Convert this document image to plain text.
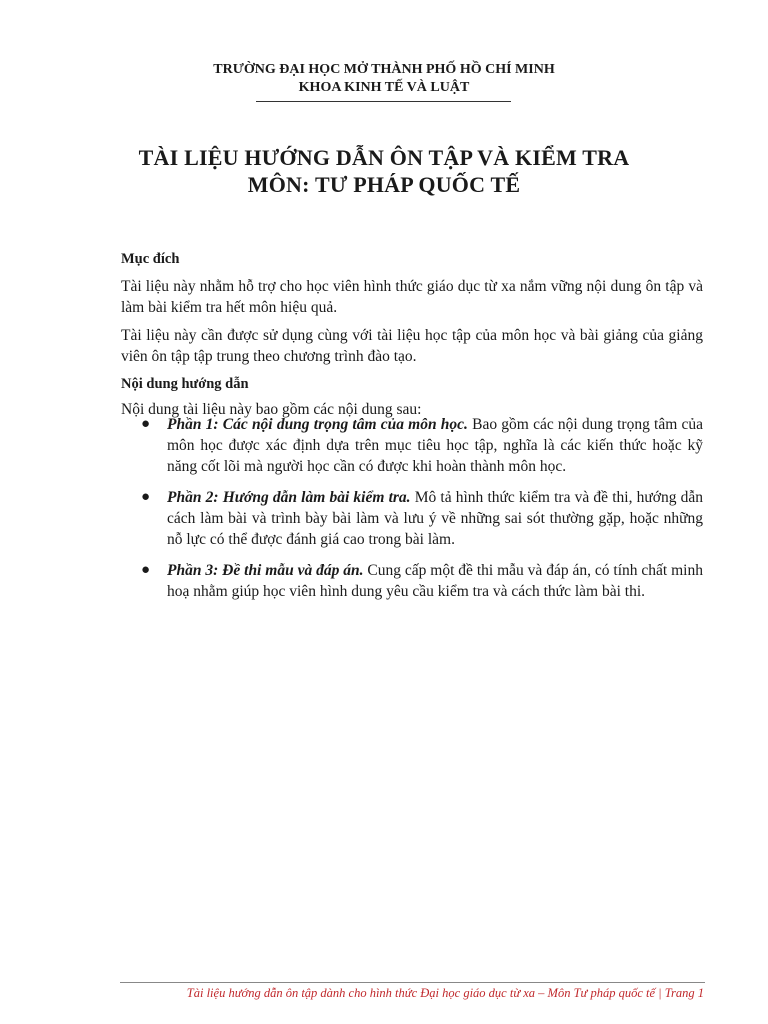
TRƯỜNG ĐẠI HỌC MỞ THÀNH PHỐ HỒ CHÍ MINH
KHOA KINH TẾ VÀ LUẬT
TÀI LIỆU HƯỚNG DẪN ÔN TẬP VÀ KIỂM TRA
MÔN: TƯ PHÁP QUỐC TẾ
Mục đích
Tài liệu này nhằm hỗ trợ cho học viên hình thức giáo dục từ xa nắm vững nội dung ôn tập và làm bài kiểm tra hết môn hiệu quả.
Tài liệu này cần được sử dụng cùng với tài liệu học tập của môn học và bài giảng của giảng viên ôn tập tập trung theo chương trình đào tạo.
Nội dung hướng dẫn
Nội dung tài liệu này bao gồm các nội dung sau:
● Phần 1: Các nội dung trọng tâm của môn học. Bao gồm các nội dung trọng tâm của môn học được xác định dựa trên mục tiêu học tập, nghĩa là các kiến thức hoặc kỹ năng cốt lõi mà người học cần có được khi hoàn thành môn học.
● Phần 2: Hướng dẫn làm bài kiểm tra. Mô tả hình thức kiểm tra và đề thi, hướng dẫn cách làm bài và trình bày bài làm và lưu ý về những sai sót thường gặp, hoặc những nỗ lực có thể được đánh giá cao trong bài làm.
● Phần 3: Đề thi mẫu và đáp án. Cung cấp một đề thi mẫu và đáp án, có tính chất minh hoạ nhằm giúp học viên hình dung yêu cầu kiểm tra và cách thức làm bài thi.
Tài liệu hướng dẫn ôn tập dành cho hình thức Đại học giáo dục từ xa – Môn Tư pháp quốc tế | Trang 1
